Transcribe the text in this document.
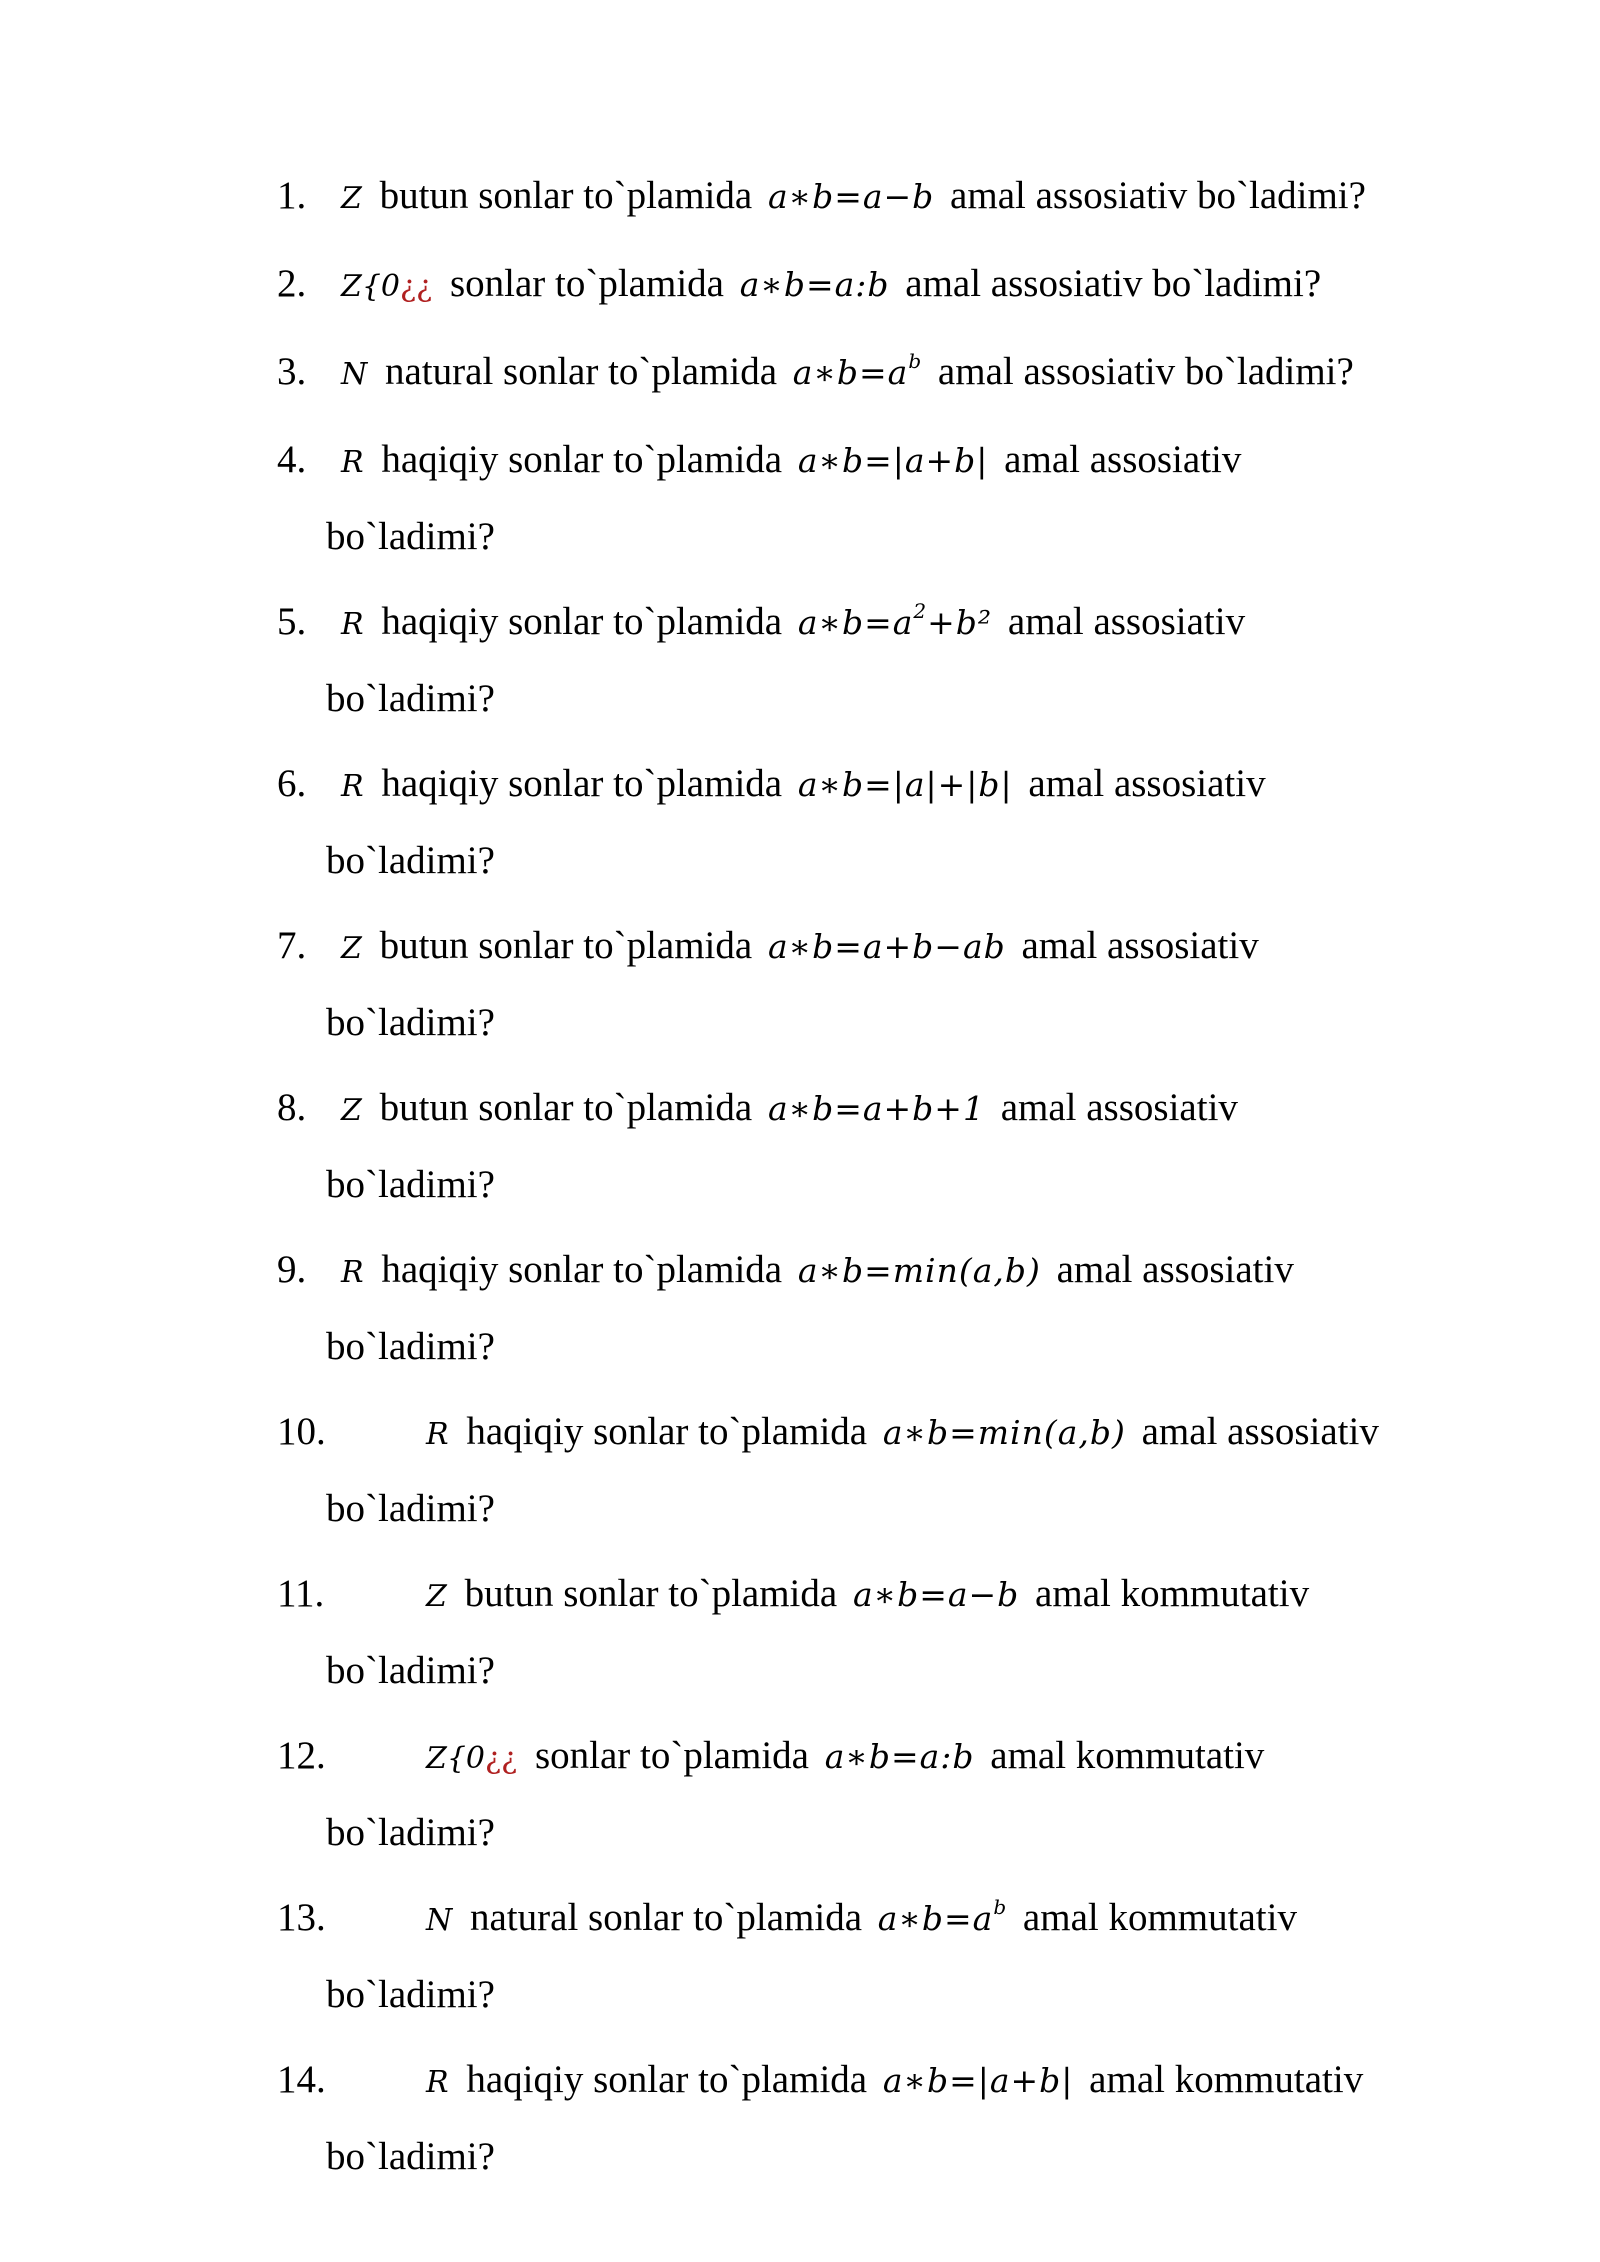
1. Z butun sonlar to`plamida a∗b=a−b amal assosiativ bo`ladimi?
2. Z{0¿¿ sonlar to`plamida a∗b=a:b amal assosiativ bo`ladimi?
3. N natural sonlar to`plamida $a∗b=a^b$ amal assosiativ bo`ladimi?
4. R haqiqiy sonlar to`plamida a∗b=|a+b| amal assosiativ
bo`ladimi?
5. R haqiqiy sonlar to`plamida $a∗b=a^2+b^2$ amal assosiativ
bo`ladimi?
6. R haqiqiy sonlar to`plamida a∗b=|a|+|b| amal assosiativ
bo`ladimi?
7. Z butun sonlar to`plamida a∗b=a+b−ab amal assosiativ
bo`ladimi?
8. Z butun sonlar to`plamida a∗b=a+b+1 amal assosiativ
bo`ladimi?
9. R haqiqiy sonlar to`plamida a∗b=min(a,b) amal assosiativ
bo`ladimi?
10.	R haqiqiy sonlar to`plamida a∗b=min(a,b) amal assosiativ
bo`ladimi?
11.	Z butun sonlar to`plamida a∗b=a−b amal kommutativ
bo`ladimi?
12.	Z{0¿¿ sonlar to`plamida a∗b=a:b amal kommutativ
bo`ladimi?
13.	N natural sonlar to`plamida $a∗b=a^b$ amal kommutativ
bo`ladimi?
14.	R haqiqiy sonlar to`plamida a∗b=|a+b| amal kommutativ
bo`ladimi?
